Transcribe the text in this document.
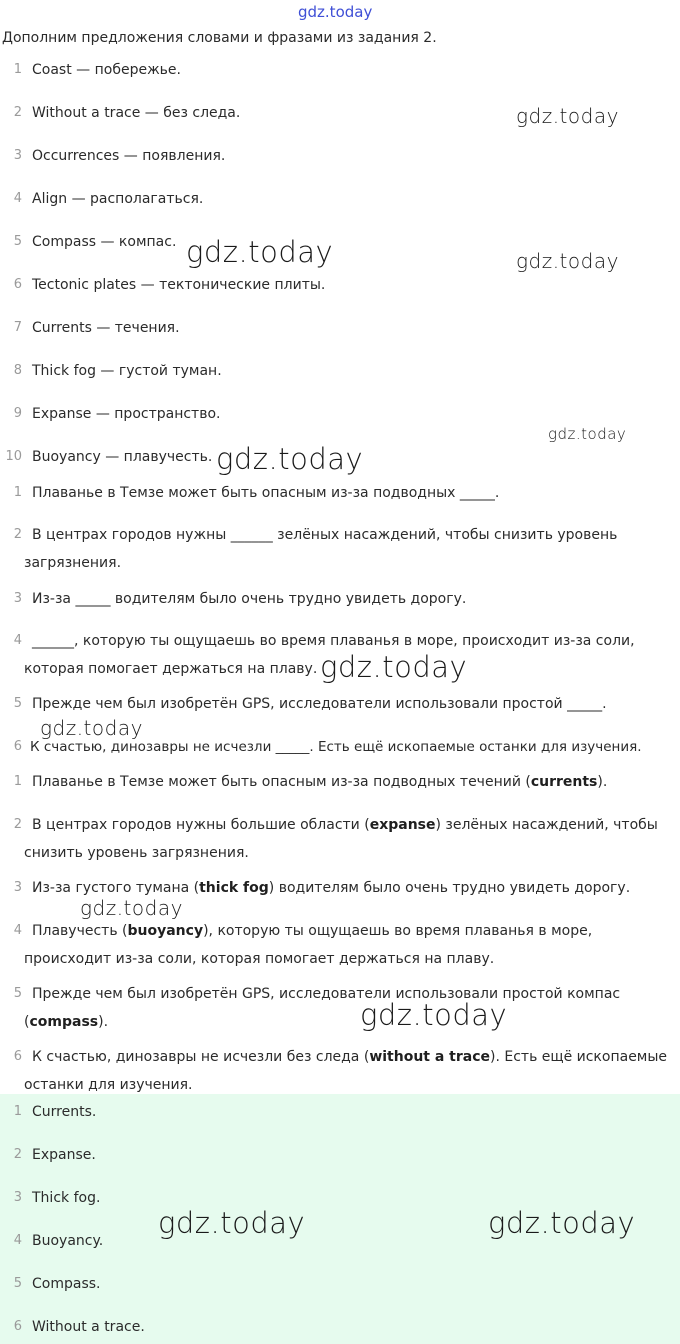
gdz.today
gdz.today
gdz.today
gdz.today
gdz.today
Дополним предложения словами и фразами из задания 2.
1 Coast — побережье.
2 Without a trace — без следа.
3 Occurrences — появления.
4 Align — располагаться.
5 Compass — компас.
6 Tectonic plates — тектонические плиты.
7 Currents — течения.
8 Thick fog — густой туман.
9 Expanse — пространство.
10 Buoyancy — плавучесть. gdz.today
1 Плаванье в Темзе может быть опасным из-за подводных _____.
2 В центрах городов нужны ______ зелёных насаждений, чтобы снизить уровень загрязнения.
3 Из-за _____ водителям было очень трудно увидеть дорогу.
4 ______, которую ты ощущаешь во время плаванья в море, происходит из-за соли, которая помогает держаться на плаву.
5 Прежде чем был изобретён GPS, исследователи использовали простой _____.
6 К счастью, динозавры не исчезли _____. Есть ещё ископаемые останки для изучения.
gdz.today
gdz.today
1 Плаванье в Темзе может быть опасным из-за подводных течений (currents).
2 В центрах городов нужны большие области (expanse) зелёных насаждений, чтобы снизить уровень загрязнения.
3 Из-за густого тумана (thick fog) водителям было очень трудно увидеть дорогу.
4 Плавучесть (buoyancy), которую ты ощущаешь во время плаванья в море, происходит из-за соли, которая помогает держаться на плаву.
5 Прежде чем был изобретён GPS, исследователи использовали простой компас (compass).
6 К счастью, динозавры не исчезли без следа (without a trace). Есть ещё ископаемые останки для изучения.
gdz.today
gdz.today
1 Currents.
2 Expanse.
3 Thick fog.
4 Buoyancy.
5 Compass.
6 Without a trace.
gdz.today	gdz.today
